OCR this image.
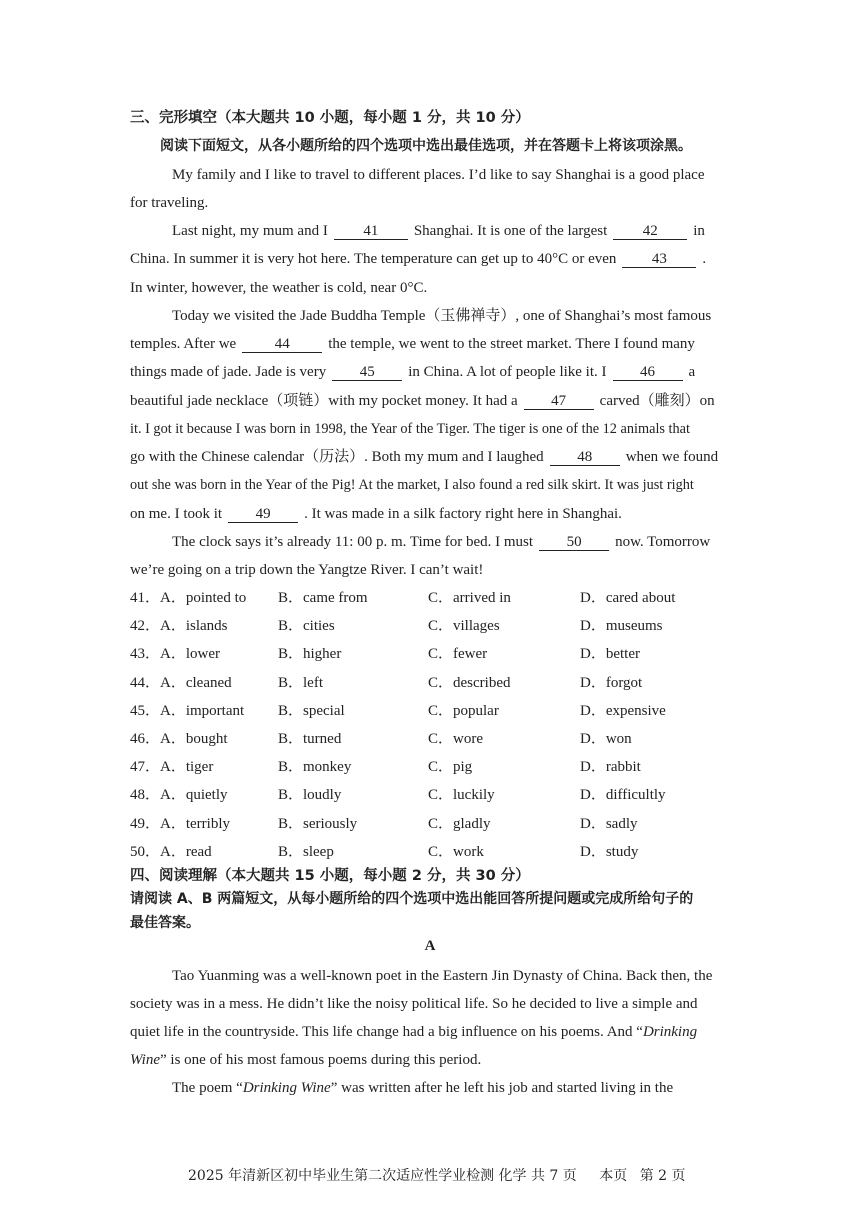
三、完形填空（本大题共 10 小题，每小题 1 分，共 10 分）
阅读下面短文，从各小题所给的四个选项中选出最佳选项，并在答题卡上将该项涂黑。
My family and I like to travel to different places. I’d like to say Shanghai is a good place
for traveling.
Last night, my mum and I 41 Shanghai. It is one of the largest 42 in
China. In summer it is very hot here. The temperature can get up to 40°C or even 43 .
In winter, however, the weather is cold, near 0°C.
Today we visited the Jade Buddha Temple（玉佛禅寺）, one of Shanghai’s most famous
temples. After we	44	the temple, we went to the street market. There I found many
things made of jade. Jade is very 45 in China. A lot of people like it. I 46 a
beautiful jade necklace（项链）with my pocket money. It had a 47 carved（雕刻）on
it. I got it because I was born in 1998, the Year of the Tiger. The tiger is one of the 12 animals that
go with the Chinese calendar（历法）. Both my mum and I laughed 48 when we found
out she was born in the Year of the Pig! At the market, I also found a red silk skirt. It was just right
on me. I took it 49 . It was made in a silk factory right here in Shanghai.
The clock says it’s already 11: 00 p. m. Time for bed. I must 50 now. Tomorrow
we’re going on a trip down the Yangtze River. I can’t wait!
41．A．pointed to B．came from	C．arrived in	D．cared about
42．A．islands	B．cities	C．villages	D．museums
43．A．lower	B．higher	C．fewer	D．better
44．A．cleaned	B．left	C．described	D．forgot
45．A．important B．special	C．popular	D．expensive
46．A．bought	B．turned	C．wore	D．won
47．A．tiger	B．monkey	C．pig	D．rabbit
48．A．quietly	B．loudly	C．luckily	D．difficultly
49．A．terribly	B．seriously	C．gladly	D．sadly
50．A．read	B．sleep	C．work	D．study
四、阅读理解（本大题共 15 小题，每小题 2 分，共 30 分）
请阅读 A、B 两篇短文，从每小题所给的四个选项中选出能回答所提问题或完成所给句子的
最佳答案。
A
Tao Yuanming was a well-known poet in the Eastern Jin Dynasty of China. Back then, the
society was in a mess. He didn’t like the noisy political life. So he decided to live a simple and
quiet life in the countryside. This life change had a big influence on his poems. And “Drinking
Wine” is one of his most famous poems during this period.
The poem “Drinking Wine” was written after he left his job and started living in the
2025 年清新区初中毕业生第二次适应性学业检测 化学 共 7 页 本页 第 2 页
